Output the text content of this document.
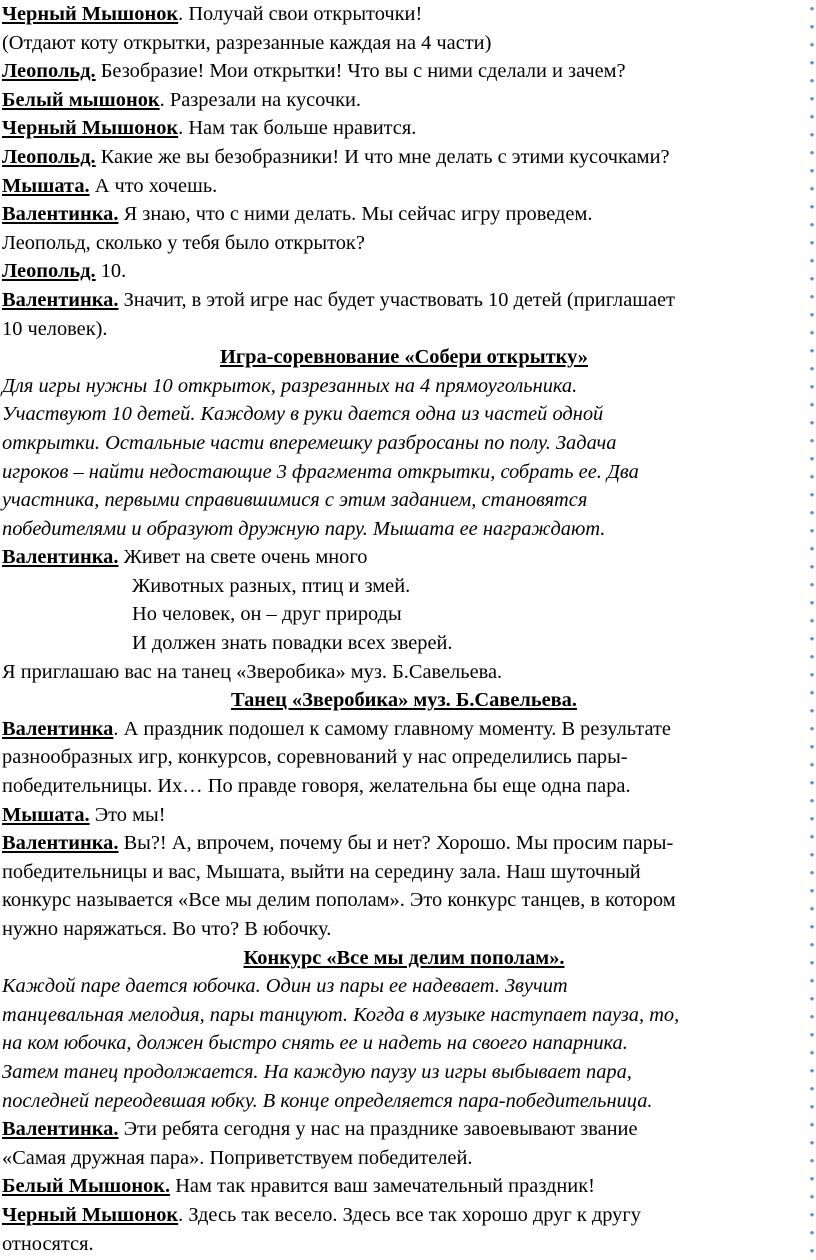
Черный Мышонок. Получай свои открыточки!
(Отдают коту открытки, разрезанные каждая на 4 части)
Леопольд. Безобразие! Мои открытки! Что вы с ними сделали и зачем?
Белый мышонок. Разрезали на кусочки.
Черный Мышонок. Нам так больше нравится.
Леопольд. Какие же вы безобразники! И что мне делать с этими кусочками?
Мышата. А что хочешь.
Валентинка. Я знаю, что с ними делать. Мы сейчас игру проведем.
Леопольд, сколько у тебя было открыток?
Леопольд. 10.
Валентинка. Значит, в этой игре нас будет участвовать 10 детей (приглашает
10 человек).
Игра-соревнование «Собери открытку»
Для игры нужны 10 открыток, разрезанных на 4 прямоугольника.
Участвуют 10 детей. Каждому в руки дается одна из частей одной
открытки. Остальные части вперемешку разбросаны по полу. Задача
игроков – найти недостающие 3 фрагмента открытки, собрать ее. Два
участника, первыми справившимися с этим заданием, становятся
победителями и образуют дружную пару. Мышата ее награждают.
Валентинка. Живет на свете очень много
Животных разных, птиц и змей.
Но человек, он – друг природы
И должен знать повадки всех зверей.
Я приглашаю вас на танец «Зверобика» муз. Б.Савельева.
Танец «Зверобика» муз. Б.Савельева.
Валентинка. А праздник подошел к самому главному моменту. В результате
разнообразных игр, конкурсов, соревнований у нас определились пары-
победительницы. Их… По правде говоря, желательна бы еще одна пара.
Мышата. Это мы!
Валентинка. Вы?! А, впрочем, почему бы и нет? Хорошо. Мы просим пары-
победительницы и вас, Мышата, выйти на середину зала. Наш шуточный
конкурс называется «Все мы делим пополам». Это конкурс танцев, в котором
нужно наряжаться. Во что? В юбочку.
Конкурс «Все мы делим пополам».
Каждой паре дается юбочка. Один из пары ее надевает. Звучит
танцевальная мелодия, пары танцуют. Когда в музыке наступает пауза, то,
на ком юбочка, должен быстро снять ее и надеть на своего напарника.
Затем танец продолжается. На каждую паузу из игры выбывает пара,
последней переодевшая юбку. В конце определяется пара-победительница.
Валентинка. Эти ребята сегодня у нас на празднике завоевывают звание
«Самая дружная пара». Поприветствуем победителей.
Белый Мышонок. Нам так нравится ваш замечательный праздник!
Черный Мышонок. Здесь так весело. Здесь все так хорошо друг к другу
относятся.
•
•
•
•
•
•
•
•
•
•
•
•
•
•
•
•
•
•
•
•
•
•
•
•
•
•
•
•
•
•
•
•
•
•
•
•
•
•
•
•
•
•
•
•
•
•
•
•
•
•
•
•
•
•
•
•
•
•
•
•
•
•
•
•
•
•
•
•
•
•
